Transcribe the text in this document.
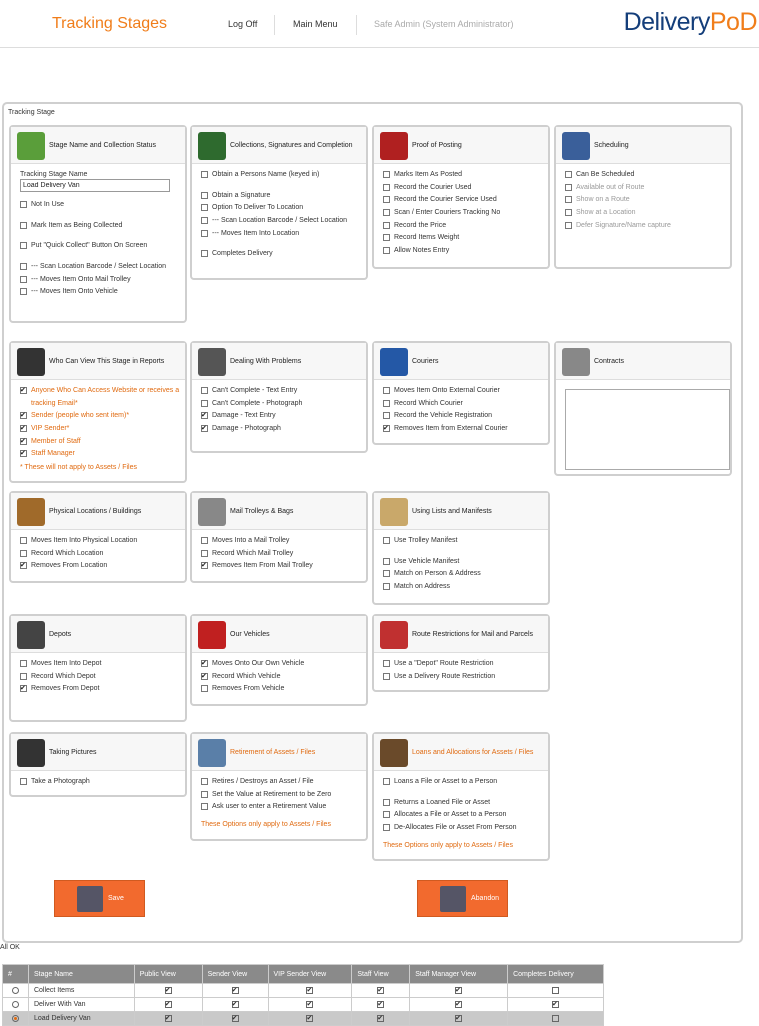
Tracking Stages	Log Off	Main Menu	Safe Admin (System Administrator)	DeliveryPoD
Tracking Stage
Stage Name and Collection Status
Tracking Stage Name
Load Delivery Van
Not In Use
Mark Item as Being Collected
Put "Quick Collect" Button On Screen
--- Scan Location Barcode / Select Location
--- Moves Item Onto Mail Trolley
--- Moves Item Onto Vehicle
Collections, Signatures and Completion
Obtain a Persons Name (keyed in)
Obtain a Signature
Option To Deliver To Location
--- Scan Location Barcode / Select Location
--- Moves Item Into Location
Completes Delivery
Proof of Posting
Marks Item As Posted
Record the Courier Used
Record the Courier Service Used
Scan / Enter Couriers Tracking No
Record the Price
Record Items Weight
Allow Notes Entry
Scheduling
Can Be Scheduled
Available out of Route
Show on a Route
Show at a Location
Defer Signature/Name capture
Who Can View This Stage in Reports
✔
Anyone Who Can Access Website or receives a
tracking Email*
✔
Sender (people who sent item)*
✔
VIP Sender*
✔
Member of Staff
✔
Staff Manager
* These will not apply to Assets / Files
Dealing With Problems
Can't Complete - Text Entry
Can't Complete - Photograph
✔
Damage - Text Entry
✔
Damage - Photograph
Couriers
Moves Item Onto External Courier
Record Which Courier
Record the Vehicle Registration
✔
Removes Item from External Courier
Contracts
Physical Locations / Buildings
Moves Item Into Physical Location
Record Which Location
✔
Removes From Location
Mail Trolleys & Bags
Moves Into a Mail Trolley
Record Which Mail Trolley
✔
Removes Item From Mail Trolley
Using Lists and Manifests
Use Trolley Manifest
Use Vehicle Manifest
Match on Person & Address
Match on Address
Depots
Moves Item Into Depot
Record Which Depot
✔
Removes From Depot
Our Vehicles
✔
Moves Onto Our Own Vehicle
✔
Record Which Vehicle
Removes From Vehicle
Route Restrictions for Mail and Parcels
Use a "Depot" Route Restriction
Use a Delivery Route Restriction
Taking Pictures
Take a Photograph
Retirement of Assets / Files
Retires / Destroys an Asset / File
Set the Value at Retirement to be Zero
Ask user to enter a Retirement Value
These Options only apply to Assets / Files
Loans and Allocations for Assets / Files
Loans a File or Asset to a Person
Returns a Loaned File or Asset
Allocates a File or Asset to a Person
De-Allocates File or Asset From Person
These Options only apply to Assets / Files
Save	Abandon
All OK
#	Stage Name	Public View	Sender View	VIP Sender View	Staff View	Staff Manager View	Completes Delivery
	Collect Items	✔	✔	✔	✔	✔	
	Deliver With Van	✔	✔	✔	✔	✔	✔
	Load Delivery Van	✔	✔	✔	✔	✔	
